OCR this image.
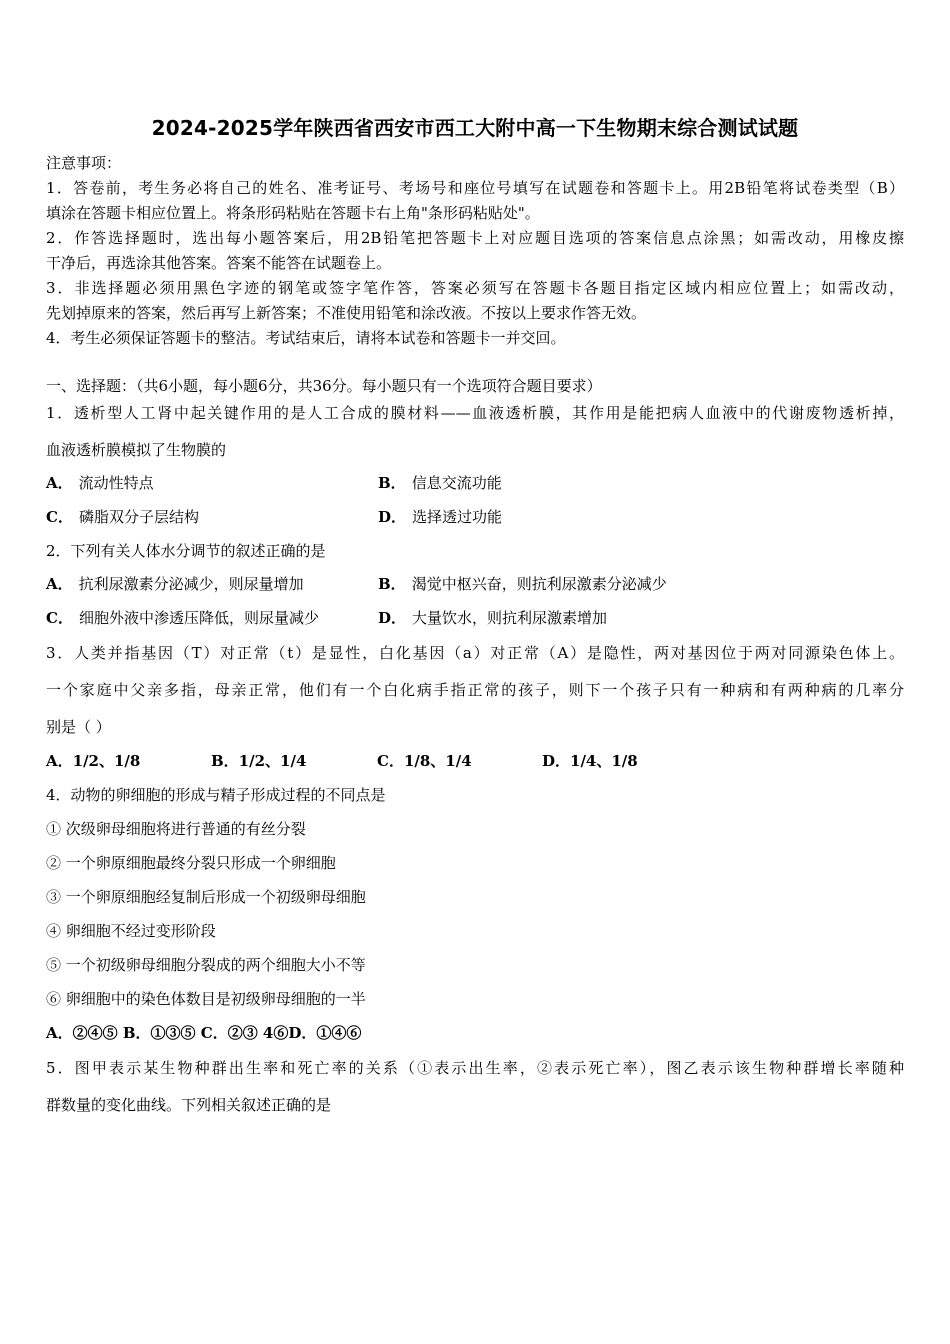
2024-2025学年陕西省西安市西工大附中高一下生物期末综合测试试题
注意事项：
1．答卷前，考生务必将自己的姓名、准考证号、考场号和座位号填写在试题卷和答题卡上。用2B铅笔将试卷类型（B）
填涂在答题卡相应位置上。将条形码粘贴在答题卡右上角"条形码粘贴处"。
2．作答选择题时，选出每小题答案后，用2B铅笔把答题卡上对应题目选项的答案信息点涂黑；如需改动，用橡皮擦
干净后，再选涂其他答案。答案不能答在试题卷上。
3．非选择题必须用黑色字迹的钢笔或签字笔作答，答案必须写在答题卡各题目指定区域内相应位置上；如需改动，
先划掉原来的答案，然后再写上新答案；不准使用铅笔和涂改液。不按以上要求作答无效。
4．考生必须保证答题卡的整洁。考试结束后，请将本试卷和答题卡一并交回。
一、选择题：（共6小题，每小题6分，共36分。每小题只有一个选项符合题目要求）
1．透析型人工肾中起关键作用的是人工合成的膜材料——血液透析膜，其作用是能把病人血液中的代谢废物透析掉，
血液透析膜模拟了生物膜的
A． 流动性特点	B． 信息交流功能
C． 磷脂双分子层结构	D． 选择透过功能
2．下列有关人体水分调节的叙述正确的是
A． 抗利尿激素分泌减少，则尿量增加	B． 渴觉中枢兴奋，则抗利尿激素分泌减少
C． 细胞外液中渗透压降低，则尿量减少	D． 大量饮水，则抗利尿激素增加
3．人类并指基因（T）对正常（t）是显性，白化基因（a）对正常（A）是隐性，两对基因位于两对同源染色体上。
一个家庭中父亲多指，母亲正常，他们有一个白化病手指正常的孩子，则下一个孩子只有一种病和有两种病的几率分
别是（ ）
A．1/2、1/8	B．1/2、1/4	C．1/8、1/4	D．1/4、1/8
4．动物的卵细胞的形成与精子形成过程的不同点是
① 次级卵母细胞将进行普通的有丝分裂
② 一个卵原细胞最终分裂只形成一个卵细胞
③ 一个卵原细胞经复制后形成一个初级卵母细胞
④ 卵细胞不经过变形阶段
⑤ 一个初级卵母细胞分裂成的两个细胞大小不等
⑥ 卵细胞中的染色体数目是初级卵母细胞的一半
A．②④⑤ B．①③⑤ C．②③ 4⑥D．①④⑥
5．图甲表示某生物种群出生率和死亡率的关系（①表示出生率，②表示死亡率），图乙表示该生物种群增长率随种
群数量的变化曲线。下列相关叙述正确的是
